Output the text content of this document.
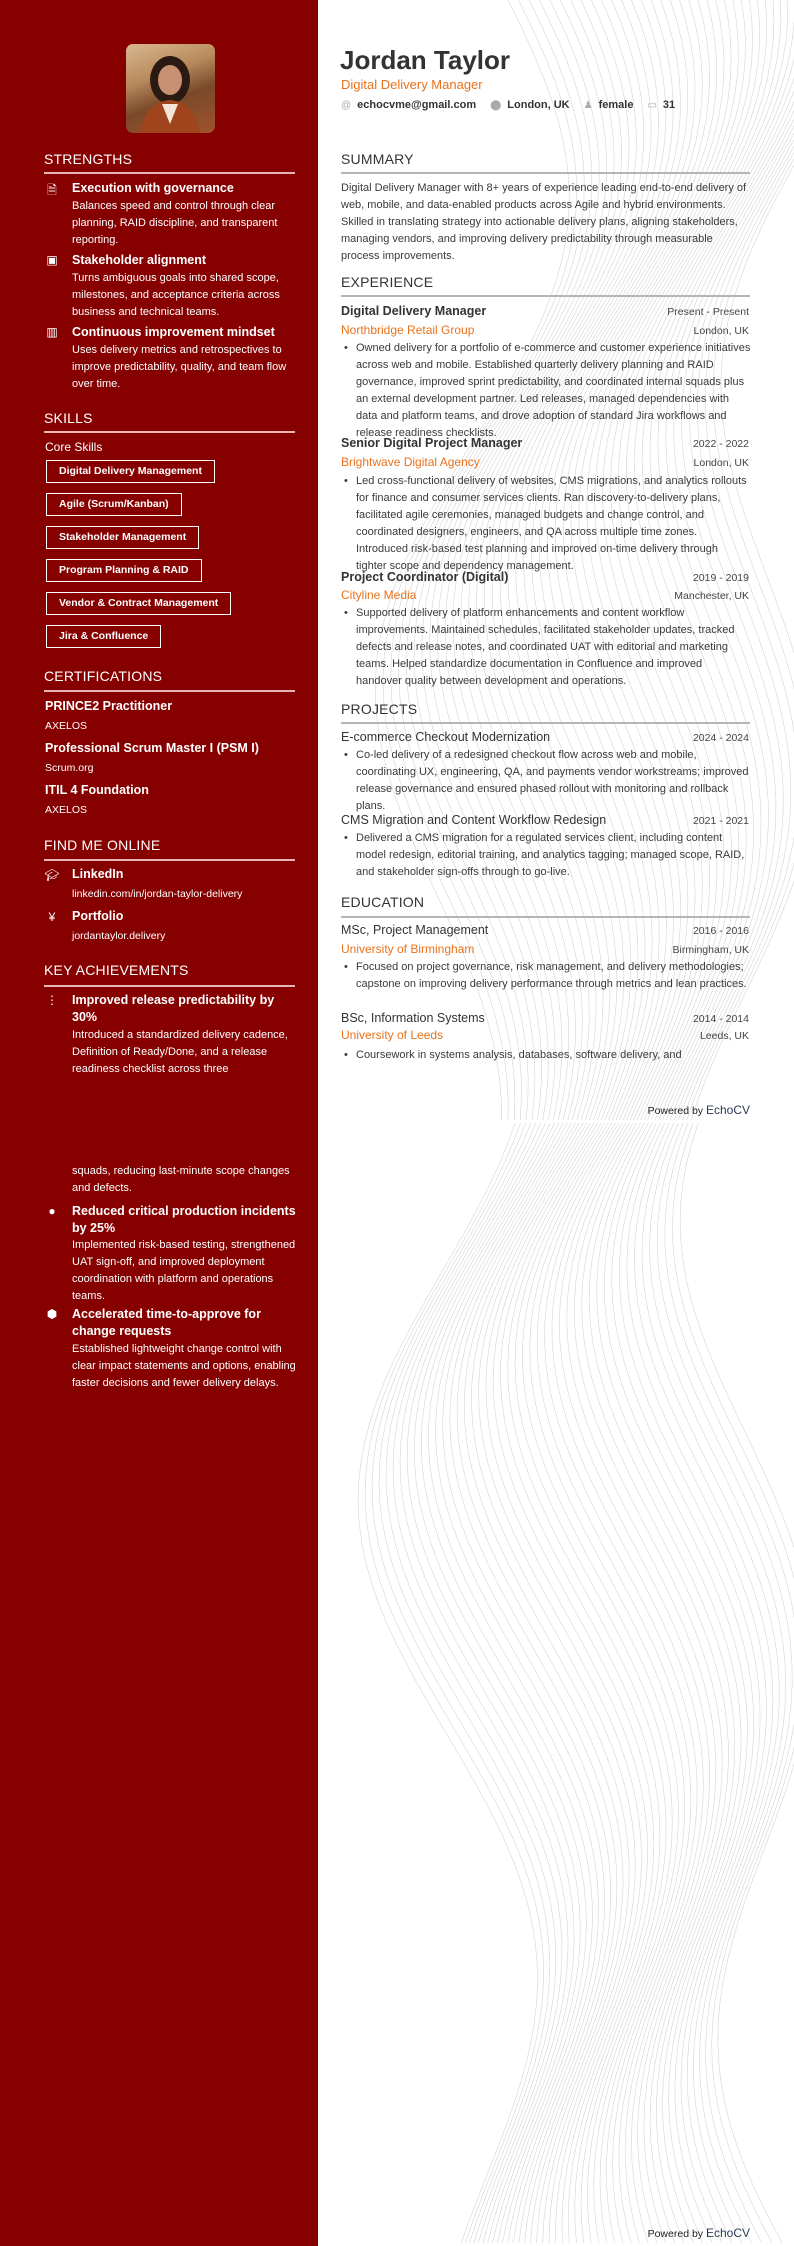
Jordan Taylor
Digital Delivery Manager
@ echocvme@gmail.com ⬤ London, UK ♟ female ▭ 31
STRENGTHS
🗎 Execution with governance
Balances speed and control through clear planning, RAID discipline, and transparent reporting.
▣ Stakeholder alignment
Turns ambiguous goals into shared scope, milestones, and acceptance criteria across business and technical teams.
▥ Continuous improvement mindset
Uses delivery metrics and retrospectives to improve predictability, quality, and team flow over time.
SKILLS
Core Skills
Digital Delivery Management
Agile (Scrum/Kanban)
Stakeholder Management
Program Planning & RAID
Vendor & Contract Management
Jira & Confluence
CERTIFICATIONS
PRINCE2 Practitioner
AXELOS
Professional Scrum Master I (PSM I)
Scrum.org
ITIL 4 Foundation
AXELOS
FIND ME ONLINE
🎓︎ LinkedIn
linkedin.com/in/jordan-taylor-delivery
¥	Portfolio
jordantaylor.delivery
KEY ACHIEVEMENTS
⋮ Improved release predictability by 30%
Introduced a standardized delivery cadence, Definition of Ready/Done, and a release readiness checklist across three
squads, reducing last-minute scope changes and defects.
●	Reduced critical production incidents by 25%
Implemented risk-based testing, strengthened UAT sign-off, and improved deployment coordination with platform and operations teams.
⬢ Accelerated time-to-approve for change requests
Established lightweight change control with clear impact statements and options, enabling faster decisions and fewer delivery delays.
SUMMARY
Digital Delivery Manager with 8+ years of experience leading end-to-end delivery of web, mobile, and data-enabled products across Agile and hybrid environments. Skilled in translating strategy into actionable delivery plans, aligning stakeholders, managing vendors, and improving delivery predictability through measurable process improvements.
EXPERIENCE
Digital Delivery Manager	Present - Present
Northbridge Retail Group	London, UK
• Owned delivery for a portfolio of e-commerce and customer experience initiatives across web and mobile. Established quarterly delivery planning and RAID governance, improved sprint predictability, and coordinated internal squads plus an external development partner. Led releases, managed dependencies with data and platform teams, and drove adoption of standard Jira workflows and release readiness checklists.
Senior Digital Project Manager	2022 - 2022
Brightwave Digital Agency	London, UK
• Led cross-functional delivery of websites, CMS migrations, and analytics rollouts for finance and consumer services clients. Ran discovery-to-delivery plans, facilitated agile ceremonies, managed budgets and change control, and coordinated designers, engineers, and QA across multiple time zones. Introduced risk-based test planning and improved on-time delivery through tighter scope and dependency management.
Project Coordinator (Digital)	2019 - 2019
Cityline Media	Manchester, UK
• Supported delivery of platform enhancements and content workflow improvements. Maintained schedules, facilitated stakeholder updates, tracked defects and release notes, and coordinated UAT with editorial and marketing teams. Helped standardize documentation in Confluence and improved handover quality between development and operations.
PROJECTS
E-commerce Checkout Modernization	2024 - 2024
• Co-led delivery of a redesigned checkout flow across web and mobile, coordinating UX, engineering, QA, and payments vendor workstreams; improved release governance and ensured phased rollout with monitoring and rollback plans.
CMS Migration and Content Workflow Redesign	2021 - 2021
• Delivered a CMS migration for a regulated services client, including content model redesign, editorial training, and analytics tagging; managed scope, RAID, and stakeholder sign-offs through to go-live.
EDUCATION
MSc, Project Management	2016 - 2016
University of Birmingham	Birmingham, UK
• Focused on project governance, risk management, and delivery methodologies; capstone on improving delivery performance through metrics and lean practices.
BSc, Information Systems	2014 - 2014
University of Leeds	Leeds, UK
• Coursework in systems analysis, databases, software delivery, and
Powered by EchoCV
Powered by EchoCV
